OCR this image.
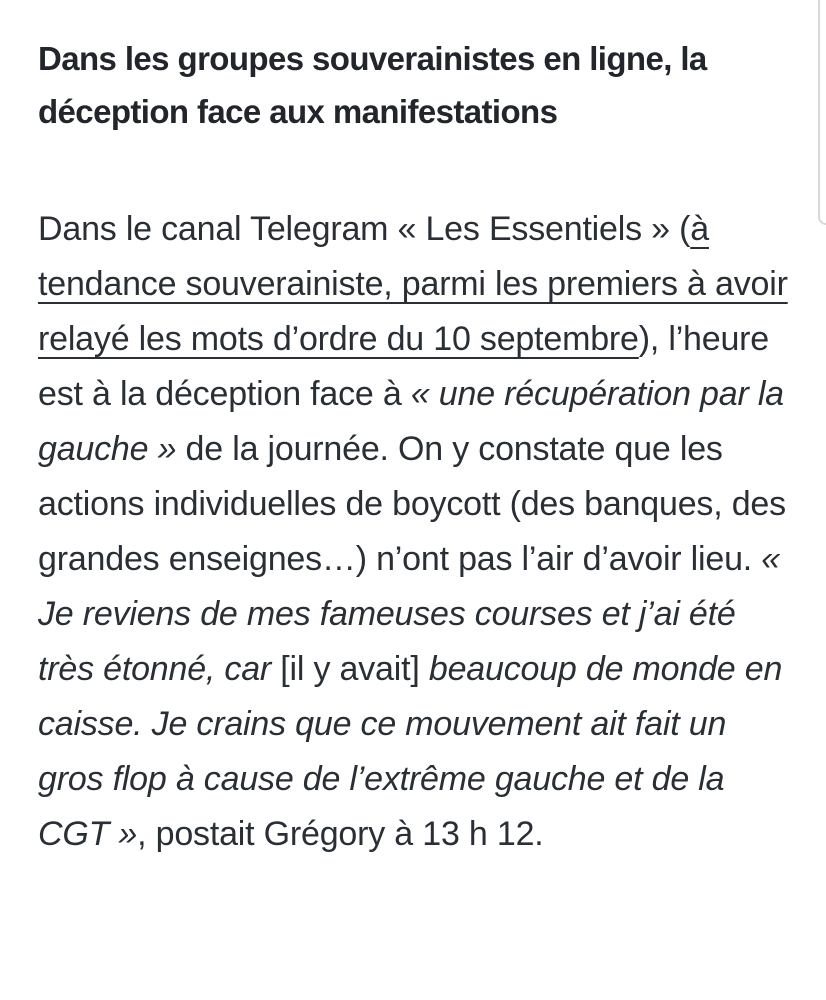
Dans les groupes souverainistes en ligne, la déception face aux manifestations

Dans le canal Telegram « Les Essentiels » (à tendance souverainiste, parmi les premiers à avoir relayé les mots d’ordre du 10 septembre), l’heure est à la déception face à « une récupération par la gauche » de la journée. On y constate que les actions individuelles de boycott (des banques, des grandes enseignes…) n’ont pas l’air d’avoir lieu. « Je reviens de mes fameuses courses et j’ai été très étonné, car [il y avait] beaucoup de monde en caisse. Je crains que ce mouvement ait fait un gros flop à cause de l’extrême gauche et de la CGT », postait Grégory à 13 h 12.
